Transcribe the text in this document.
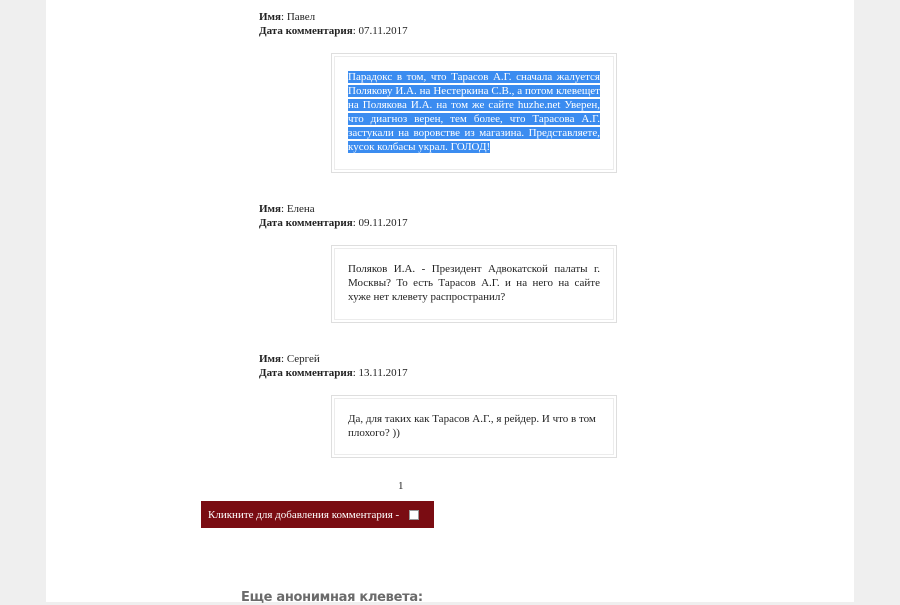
Имя: Павел
Дата комментария: 07.11.2017

Парадокс в том, что Тарасов А.Г. сначала жалуется Полякову И.А. на Нестеркина С.В., а потом клевещет на Полякова И.А. на том же сайте huzhe.net Уверен, что диагноз верен, тем более, что Тарасова А.Г. застукали на воровстве из магазина. Представляете, кусок колбасы украл. ГОЛОД!

Имя: Елена
Дата комментария: 09.11.2017

Поляков И.А. - Президент Адвокатской палаты г. Москвы? То есть Тарасов А.Г. и на него на сайте хуже нет клевету распространил?

Имя: Сергей
Дата комментария: 13.11.2017

Да, для таких как Тарасов А.Г., я рейдер. И что в том плохого? ))

1
Кликните для добавления комментария -
Еще анонимная клевета:
